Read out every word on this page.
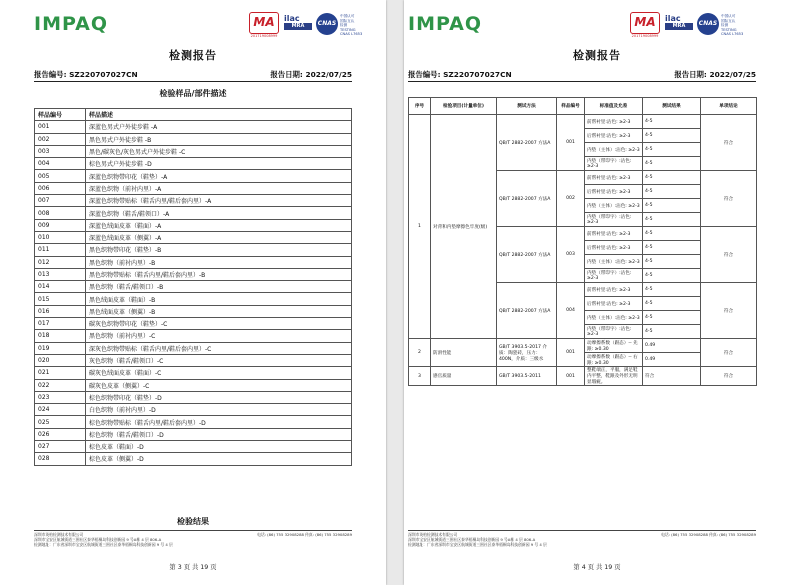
IMPAQ	MA
201719008999
ilac
MRA	CNAS
中国认可
国际互认
检测
TESTING
CNAS L7653
检测报告
报告编号: SZ220707027CN	报告日期: 2022/07/25
检验样品/部件描述
样品编号	样品描述
001	深蓝色男式户外徒步鞋 -A
002	黑色男式户外徒步鞋 -B
003	黑色/碳灰色/灰色男式户外徒步鞋 -C
004	棕色男式户外徒步鞋 -D
005	深蓝色织物带印花（鞋垫）-A
006	深蓝色织物（前衬内里）-A
007	深蓝色织物带贴标（鞋舌内里/鞋后套内里）-A
008	深蓝色织物（鞋舌/鞋领口）-A
009	深蓝色绒面皮革（鞋面）-A
010	深蓝色绒面皮革（侧翼）-A
011	黑色织物带印花（鞋垫）-B
012	黑色织物（前衬内里）-B
013	黑色织物带贴标（鞋舌内里/鞋后套内里）-B
014	黑色织物（鞋舌/鞋领口）-B
015	黑色绒面皮革（鞋面）-B
016	黑色绒面皮革（侧翼）-B
017	碳灰色织物带印花（鞋垫）-C
018	黑色织物（前衬内里）-C
019	深灰色织物带贴标（鞋舌内里/鞋后套内里）-C
020	灰色织物（鞋舌/鞋领口）-C
021	碳灰色绒面皮革（鞋面）-C
022	碳灰色皮革（侧翼）-C
023	棕色织物带印花（鞋垫）-D
024	白色织物（前衬内里）-D
025	棕色织物带贴标（鞋舌内里/鞋后套内里）-D
026	棕色织物（鞋舌/鞋领口）-D
027	棕色皮革（鞋面）-D
028	棕色皮革（侧翼）-D
检验结果
深圳市英柏检测技术有限公司
深圳市宝安区航城街道三围社区泰华梧桐岛科技创新园 9 号A栋 4 层 806-A
检测地址：广东省深圳市宝安区航城街道三围社区泰华梧桐岛科技创新园 9 号 4 层
电话: (86) 755 32908288 传真: (86) 755 32908289
第 3 页 共 19 页
IMPAQ	MA
201719008999
ilac
MRA	CNAS
中国认可
国际互认
检测
TESTING
CNAS L7653
检测报告
报告编号: SZ220707027CN	报告日期: 2022/07/25
序号	检验项目(计量单位)	测试方法	样品编号	标准值及允差	测试结果	单项结论
1	对背和内垫摩擦色牢度(级)	QB/T 2882-2007 方法A	001	前帮衬里:沾色: ≥2-3	4-5	符合
				后帮衬里:沾色: ≥2-3	4-5	
				内垫（主体）:沾色: ≥2-3	4-5	
				内垫（带印字）:沾色: ≥2-3	4-5	
		QB/T 2882-2007 方法A	002	前帮衬里:沾色: ≥2-3	4-5	符合
				后帮衬里:沾色: ≥2-3	4-5	
				内垫（主体）:沾色: ≥2-3	4-5	
				内垫（带印字）:沾色: ≥2-3	4-5	
		QB/T 2882-2007 方法A	003	前帮衬里:沾色: ≥2-3	4-5	符合
				后帮衬里:沾色: ≥2-3	4-5	
				内垫（主体）:沾色: ≥2-3	4-5	
				内垫（带印字）:沾色: ≥2-3	4-5	
		QB/T 2882-2007 方法A	004	前帮衬里:沾色: ≥2-3	4-5	符合
				后帮衬里:沾色: ≥2-3	4-5	
				内垫（主体）:沾色: ≥2-3	4-5	
				内垫（带印字）:沾色: ≥2-3	4-5	
2	防滑性能	GB/T 3903.5-2017 介质：陶瓷砖，压力：400N，介质：三级水	001	动摩擦系数（跟态）-- 先跟: ≥0.30	0.49	符合
				动摩擦系数（跟态）-- 右跟: ≥0.30	0.49	
3	感官质量	GB/T 3903.5-2011	001	整鞋端正，平服，满足鞋内平整，鞋跟及外形无明显瑕疵。	符合	符合
深圳市英柏检测技术有限公司
深圳市宝安区航城街道三围社区泰华梧桐岛科技创新园 9 号A栋 4 层 806-A
检测地址：广东省深圳市宝安区航城街道三围社区泰华梧桐岛科技创新园 9 号 4 层
电话: (86) 755 32908288 传真: (86) 755 32908289
第 4 页 共 19 页
